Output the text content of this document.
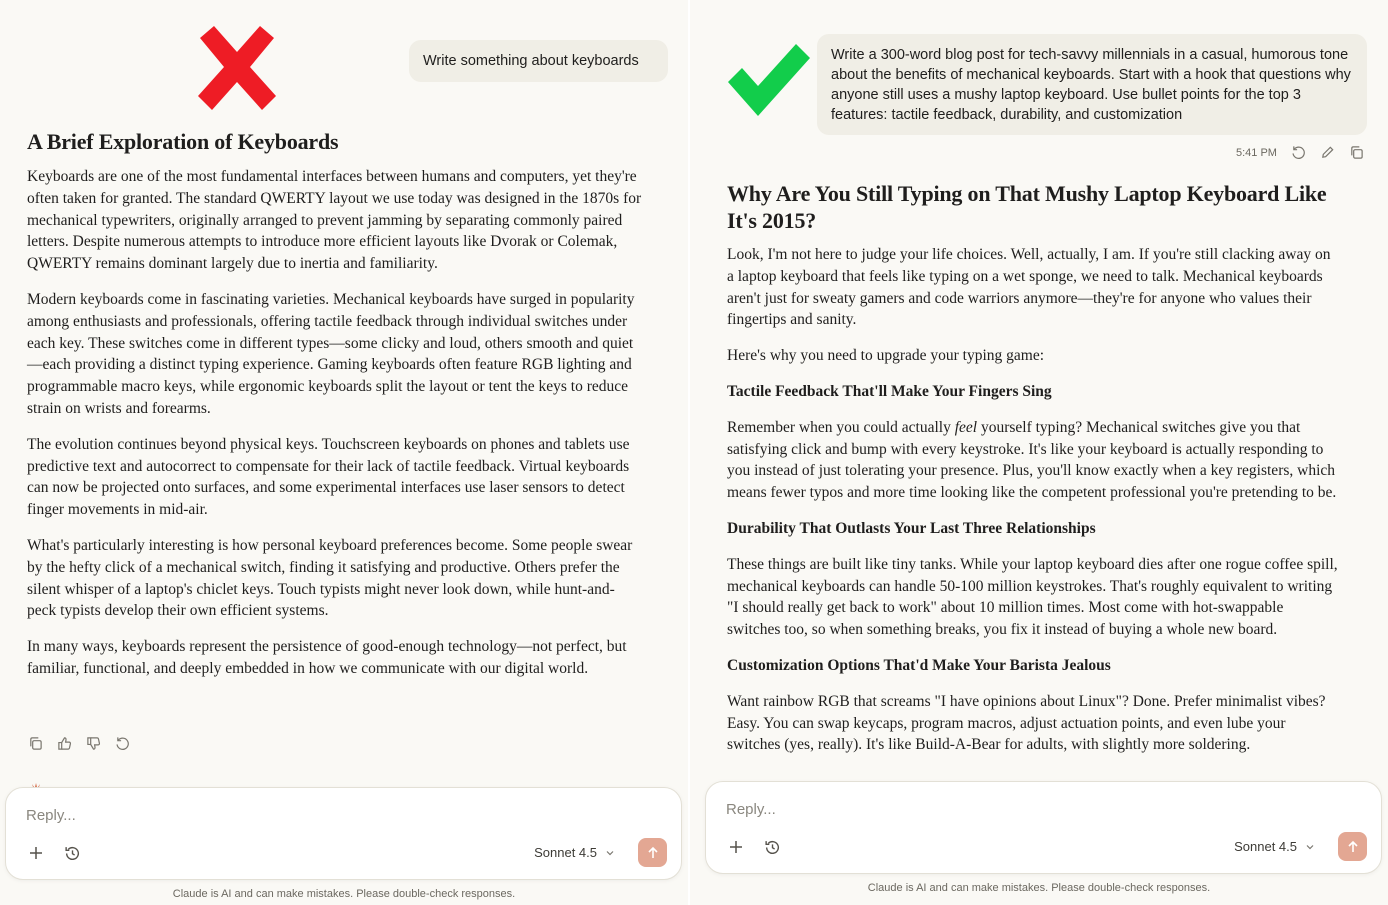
Write something about keyboards
A Brief Exploration of Keyboards

Keyboards are one of the most fundamental interfaces between humans and computers, yet they're often taken for granted. The standard QWERTY layout we use today was designed in the 1870s for mechanical typewriters, originally arranged to prevent jamming by separating commonly paired letters. Despite numerous attempts to introduce more efficient layouts like Dvorak or Colemak, QWERTY remains dominant largely due to inertia and familiarity.

Modern keyboards come in fascinating varieties. Mechanical keyboards have surged in popularity among enthusiasts and professionals, offering tactile feedback through individual switches under each key. These switches come in different types—some clicky and loud, others smooth and quiet—each providing a distinct typing experience. Gaming keyboards often feature RGB lighting and programmable macro keys, while ergonomic keyboards split the layout or tent the keys to reduce strain on wrists and forearms.

The evolution continues beyond physical keys. Touchscreen keyboards on phones and tablets use predictive text and autocorrect to compensate for their lack of tactile feedback. Virtual keyboards can now be projected onto surfaces, and some experimental interfaces use laser sensors to detect finger movements in mid-air.

What's particularly interesting is how personal keyboard preferences become. Some people swear by the hefty click of a mechanical switch, finding it satisfying and productive. Others prefer the silent whisper of a laptop's chiclet keys. Touch typists might never look down, while hunt-and-peck typists develop their own efficient systems.

In many ways, keyboards represent the persistence of good-enough technology—not perfect, but familiar, functional, and deeply embedded in how we communicate with our digital world.

Reply...
Sonnet 4.5
Claude is AI and can make mistakes. Please double-check responses.
Write a 300-word blog post for tech-savvy millennials in a casual, humorous tone about the benefits of mechanical keyboards. Start with a hook that questions why anyone still uses a mushy laptop keyboard. Use bullet points for the top 3 features: tactile feedback, durability, and customization
5:41 PM
Why Are You Still Typing on That Mushy Laptop Keyboard Like It's 2015?

Look, I'm not here to judge your life choices. Well, actually, I am. If you're still clacking away on a laptop keyboard that feels like typing on a wet sponge, we need to talk. Mechanical keyboards aren't just for sweaty gamers and code warriors anymore—they're for anyone who values their fingertips and sanity.

Here's why you need to upgrade your typing game:

Tactile Feedback That'll Make Your Fingers Sing

Remember when you could actually feel yourself typing? Mechanical switches give you that satisfying click and bump with every keystroke. It's like your keyboard is actually responding to you instead of just tolerating your presence. Plus, you'll know exactly when a key registers, which means fewer typos and more time looking like the competent professional you're pretending to be.

Durability That Outlasts Your Last Three Relationships

These things are built like tiny tanks. While your laptop keyboard dies after one rogue coffee spill, mechanical keyboards can handle 50-100 million keystrokes. That's roughly equivalent to writing "I should really get back to work" about 10 million times. Most come with hot-swappable switches too, so when something breaks, you fix it instead of buying a whole new board.

Customization Options That'd Make Your Barista Jealous

Want rainbow RGB that screams "I have opinions about Linux"? Done. Prefer minimalist vibes? Easy. You can swap keycaps, program macros, adjust actuation points, and even lube your switches (yes, really). It's like Build-A-Bear for adults, with slightly more soldering.

Reply...
Sonnet 4.5
Claude is AI and can make mistakes. Please double-check responses.
